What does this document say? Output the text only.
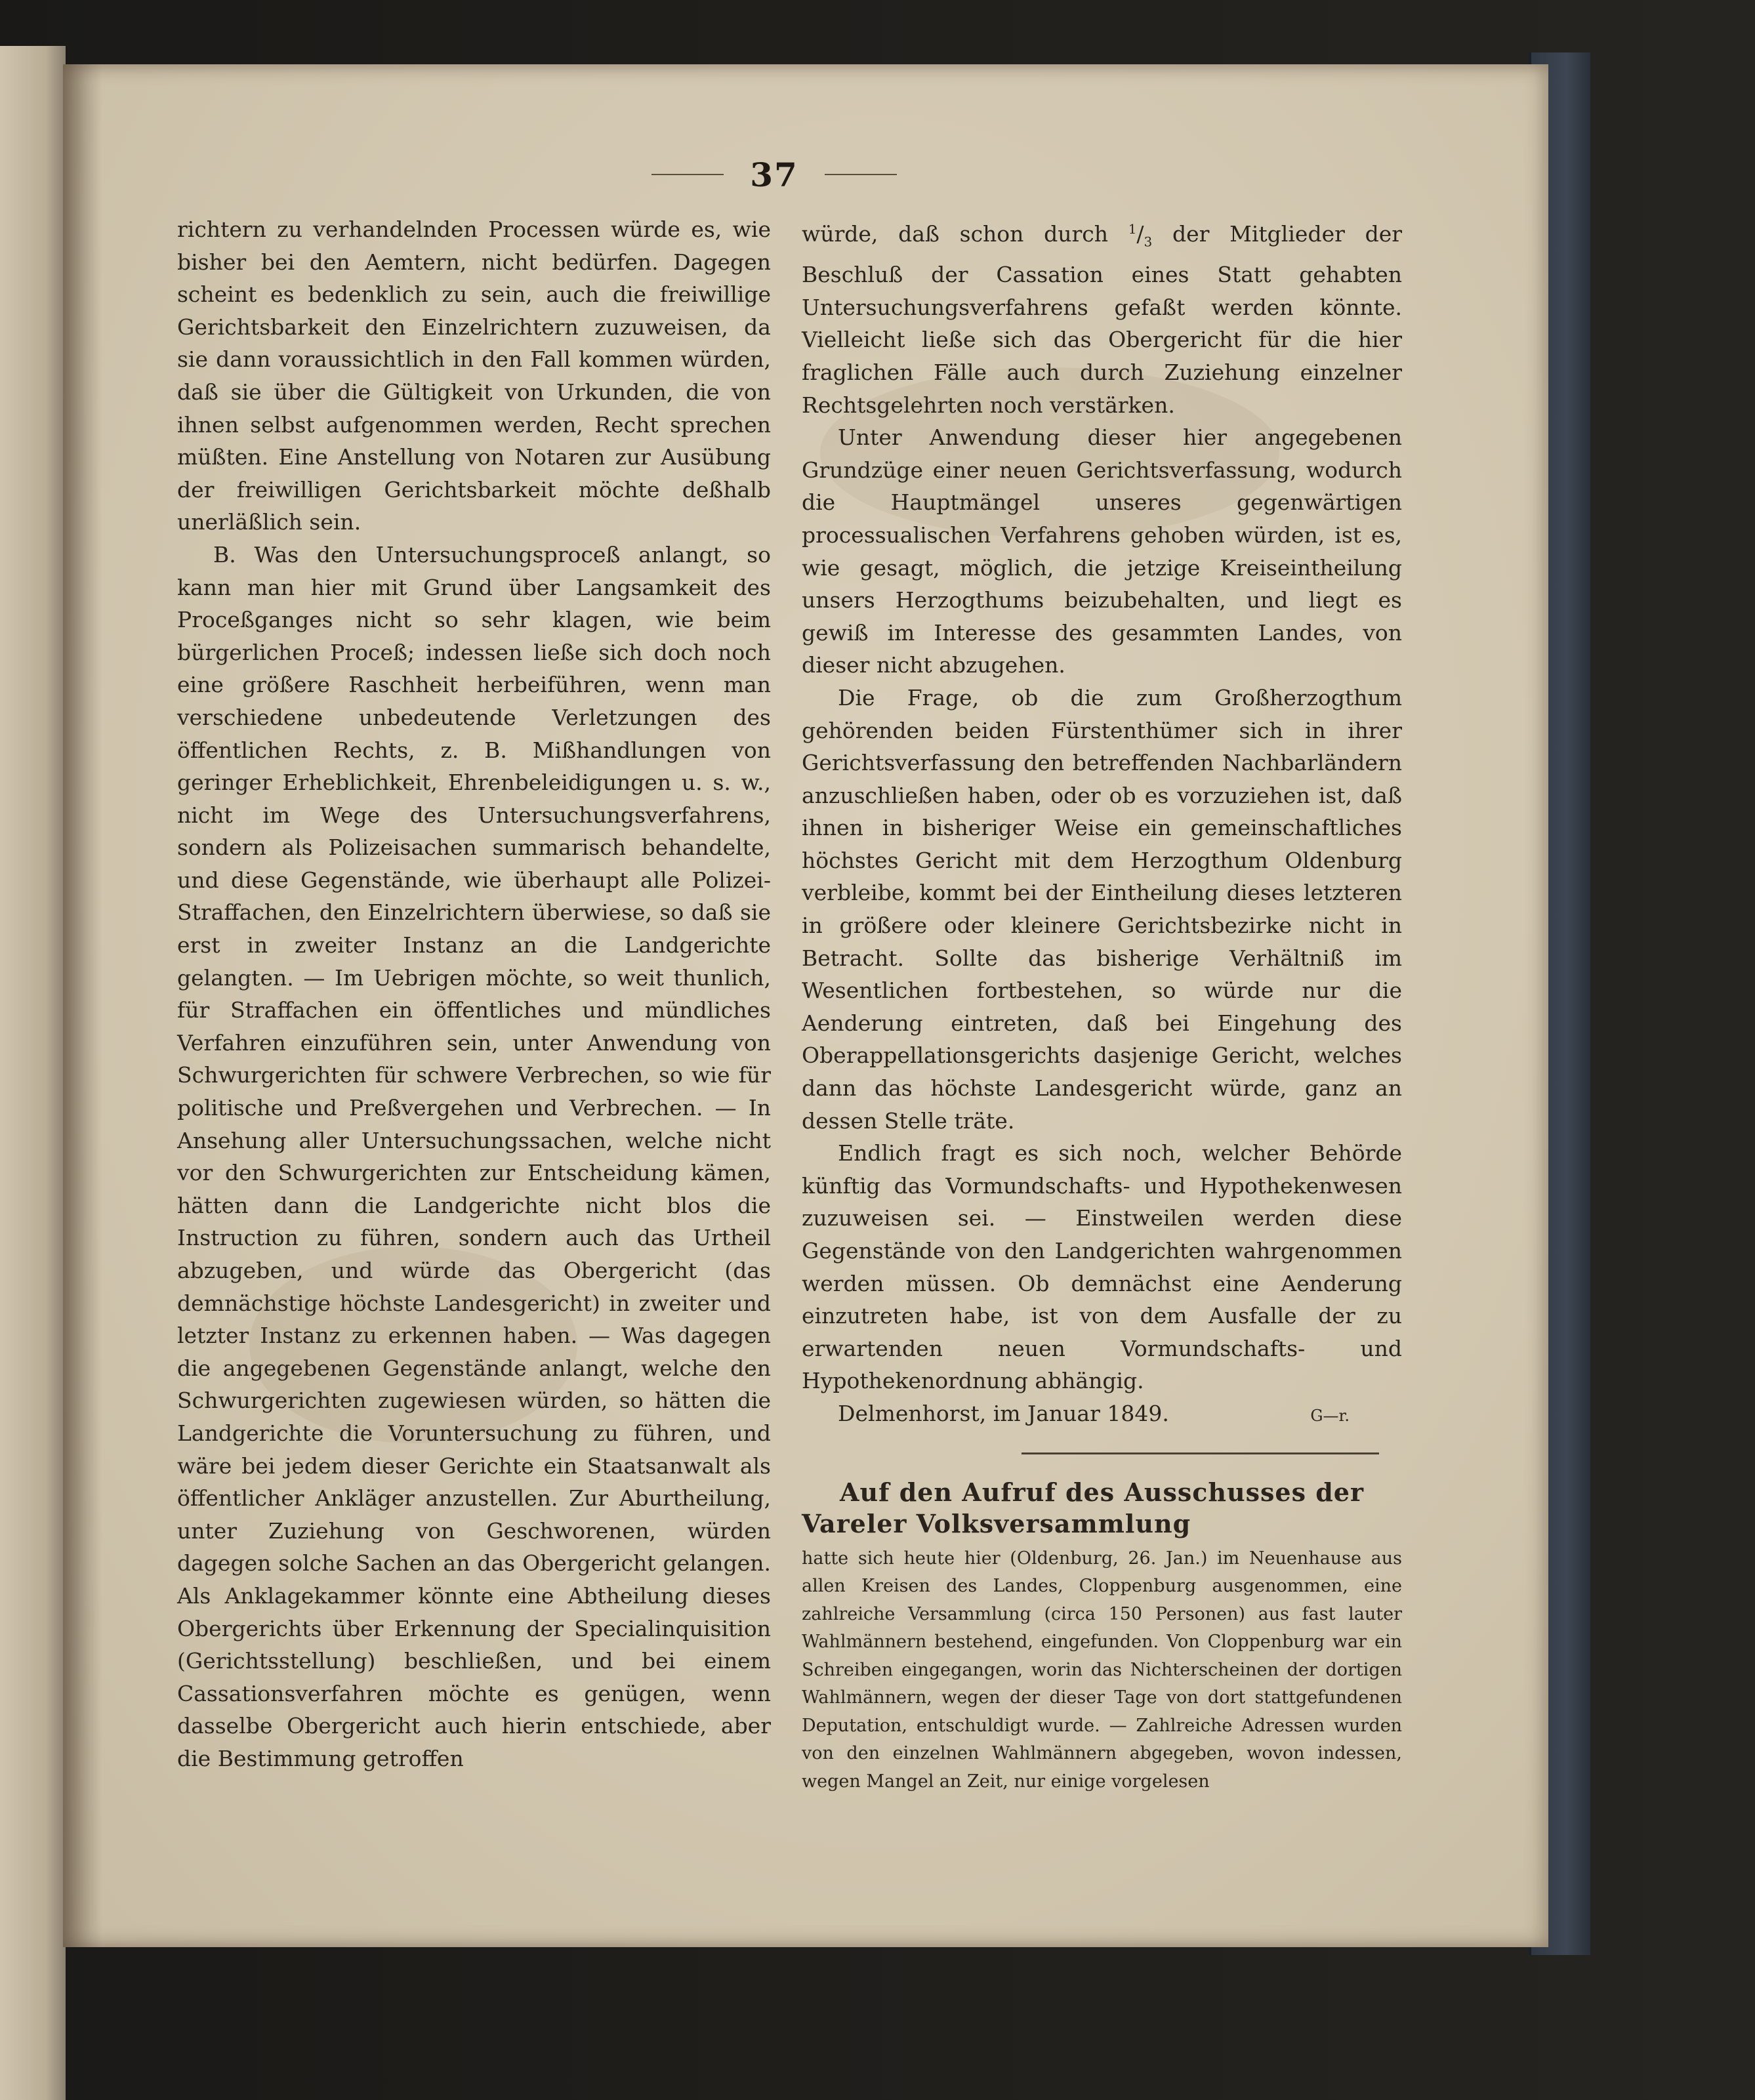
37

richtern zu verhandelnden Processen würde es, wie bisher bei den Aemtern, nicht bedürfen. Dagegen scheint es bedenklich zu sein, auch die freiwillige Gerichtsbarkeit den Einzelrichtern zuzuweisen, da sie dann voraussichtlich in den Fall kommen würden, daß sie über die Gültigkeit von Urkunden, die von ihnen selbst aufgenommen werden, Recht sprechen müßten. Eine Anstellung von Notaren zur Ausübung der freiwilligen Gerichtsbarkeit möchte deßhalb unerläßlich sein.

B. Was den Untersuchungsproceß anlangt, so kann man hier mit Grund über Langsamkeit des Proceßganges nicht so sehr klagen, wie beim bürgerlichen Proceß; indessen ließe sich doch noch eine größere Raschheit herbeiführen, wenn man verschiedene unbedeutende Verletzungen des öffentlichen Rechts, z. B. Mißhandlungen von geringer Erheblichkeit, Ehrenbeleidigungen u. s. w., nicht im Wege des Untersuchungsverfahrens, sondern als Polizeisachen summarisch behandelte, und diese Gegenstände, wie überhaupt alle Polizei-Straffachen, den Einzelrichtern überwiese, so daß sie erst in zweiter Instanz an die Landgerichte gelangten. — Im Uebrigen möchte, so weit thunlich, für Straffachen ein öffentliches und mündliches Verfahren einzuführen sein, unter Anwendung von Schwurgerichten für schwere Verbrechen, so wie für politische und Preßvergehen und Verbrechen. — In Ansehung aller Untersuchungssachen, welche nicht vor den Schwurgerichten zur Entscheidung kämen, hätten dann die Landgerichte nicht blos die Instruction zu führen, sondern auch das Urtheil abzugeben, und würde das Obergericht (das demnächstige höchste Landesgericht) in zweiter und letzter Instanz zu erkennen haben. — Was dagegen die angegebenen Gegenstände anlangt, welche den Schwurgerichten zugewiesen würden, so hätten die Landgerichte die Voruntersuchung zu führen, und wäre bei jedem dieser Gerichte ein Staatsanwalt als öffentlicher Ankläger anzustellen. Zur Aburtheilung, unter Zuziehung von Geschworenen, würden dagegen solche Sachen an das Obergericht gelangen. Als Anklagekammer könnte eine Abtheilung dieses Obergerichts über Erkennung der Specialinquisition (Gerichtsstellung) beschließen, und bei einem Cassationsverfahren möchte es genügen, wenn dasselbe Obergericht auch hierin entschiede, aber die Bestimmung getroffen

würde, daß schon durch $^1/_3$ der Mitglieder der Beschluß der Cassation eines Statt gehabten Untersuchungsverfahrens gefaßt werden könnte. Vielleicht ließe sich das Obergericht für die hier fraglichen Fälle auch durch Zuziehung einzelner Rechtsgelehrten noch verstärken.

Unter Anwendung dieser hier angegebenen Grundzüge einer neuen Gerichtsverfassung, wodurch die Hauptmängel unseres gegenwärtigen processualischen Verfahrens gehoben würden, ist es, wie gesagt, möglich, die jetzige Kreiseintheilung unsers Herzogthums beizubehalten, und liegt es gewiß im Interesse des gesammten Landes, von dieser nicht abzugehen.

Die Frage, ob die zum Großherzogthum gehörenden beiden Fürstenthümer sich in ihrer Gerichtsverfassung den betreffenden Nachbarländern anzuschließen haben, oder ob es vorzuziehen ist, daß ihnen in bisheriger Weise ein gemeinschaftliches höchstes Gericht mit dem Herzogthum Oldenburg verbleibe, kommt bei der Eintheilung dieses letzteren in größere oder kleinere Gerichtsbezirke nicht in Betracht. Sollte das bisherige Verhältniß im Wesentlichen fortbestehen, so würde nur die Aenderung eintreten, daß bei Eingehung des Oberappellationsgerichts dasjenige Gericht, welches dann das höchste Landesgericht würde, ganz an dessen Stelle träte.

Endlich fragt es sich noch, welcher Behörde künftig das Vormundschafts- und Hypothekenwesen zuzuweisen sei. — Einstweilen werden diese Gegenstände von den Landgerichten wahrgenommen werden müssen. Ob demnächst eine Aenderung einzutreten habe, ist von dem Ausfalle der zu erwartenden neuen Vormundschafts- und Hypothekenordnung abhängig.

Delmenhorst, im Januar 1849.	G—r.
Auf den Aufruf des Ausschusses der Vareler Volksversammlung
hatte sich heute hier (Oldenburg, 26. Jan.) im Neuenhause aus allen Kreisen des Landes, Cloppenburg ausgenommen, eine zahlreiche Versammlung (circa 150 Personen) aus fast lauter Wahlmännern bestehend, eingefunden. Von Cloppenburg war ein Schreiben eingegangen, worin das Nichterscheinen der dortigen Wahlmännern, wegen der dieser Tage von dort stattgefundenen Deputation, entschuldigt wurde. — Zahlreiche Adressen wurden von den einzelnen Wahlmännern abgegeben, wovon indessen, wegen Mangel an Zeit, nur einige vorgelesen
